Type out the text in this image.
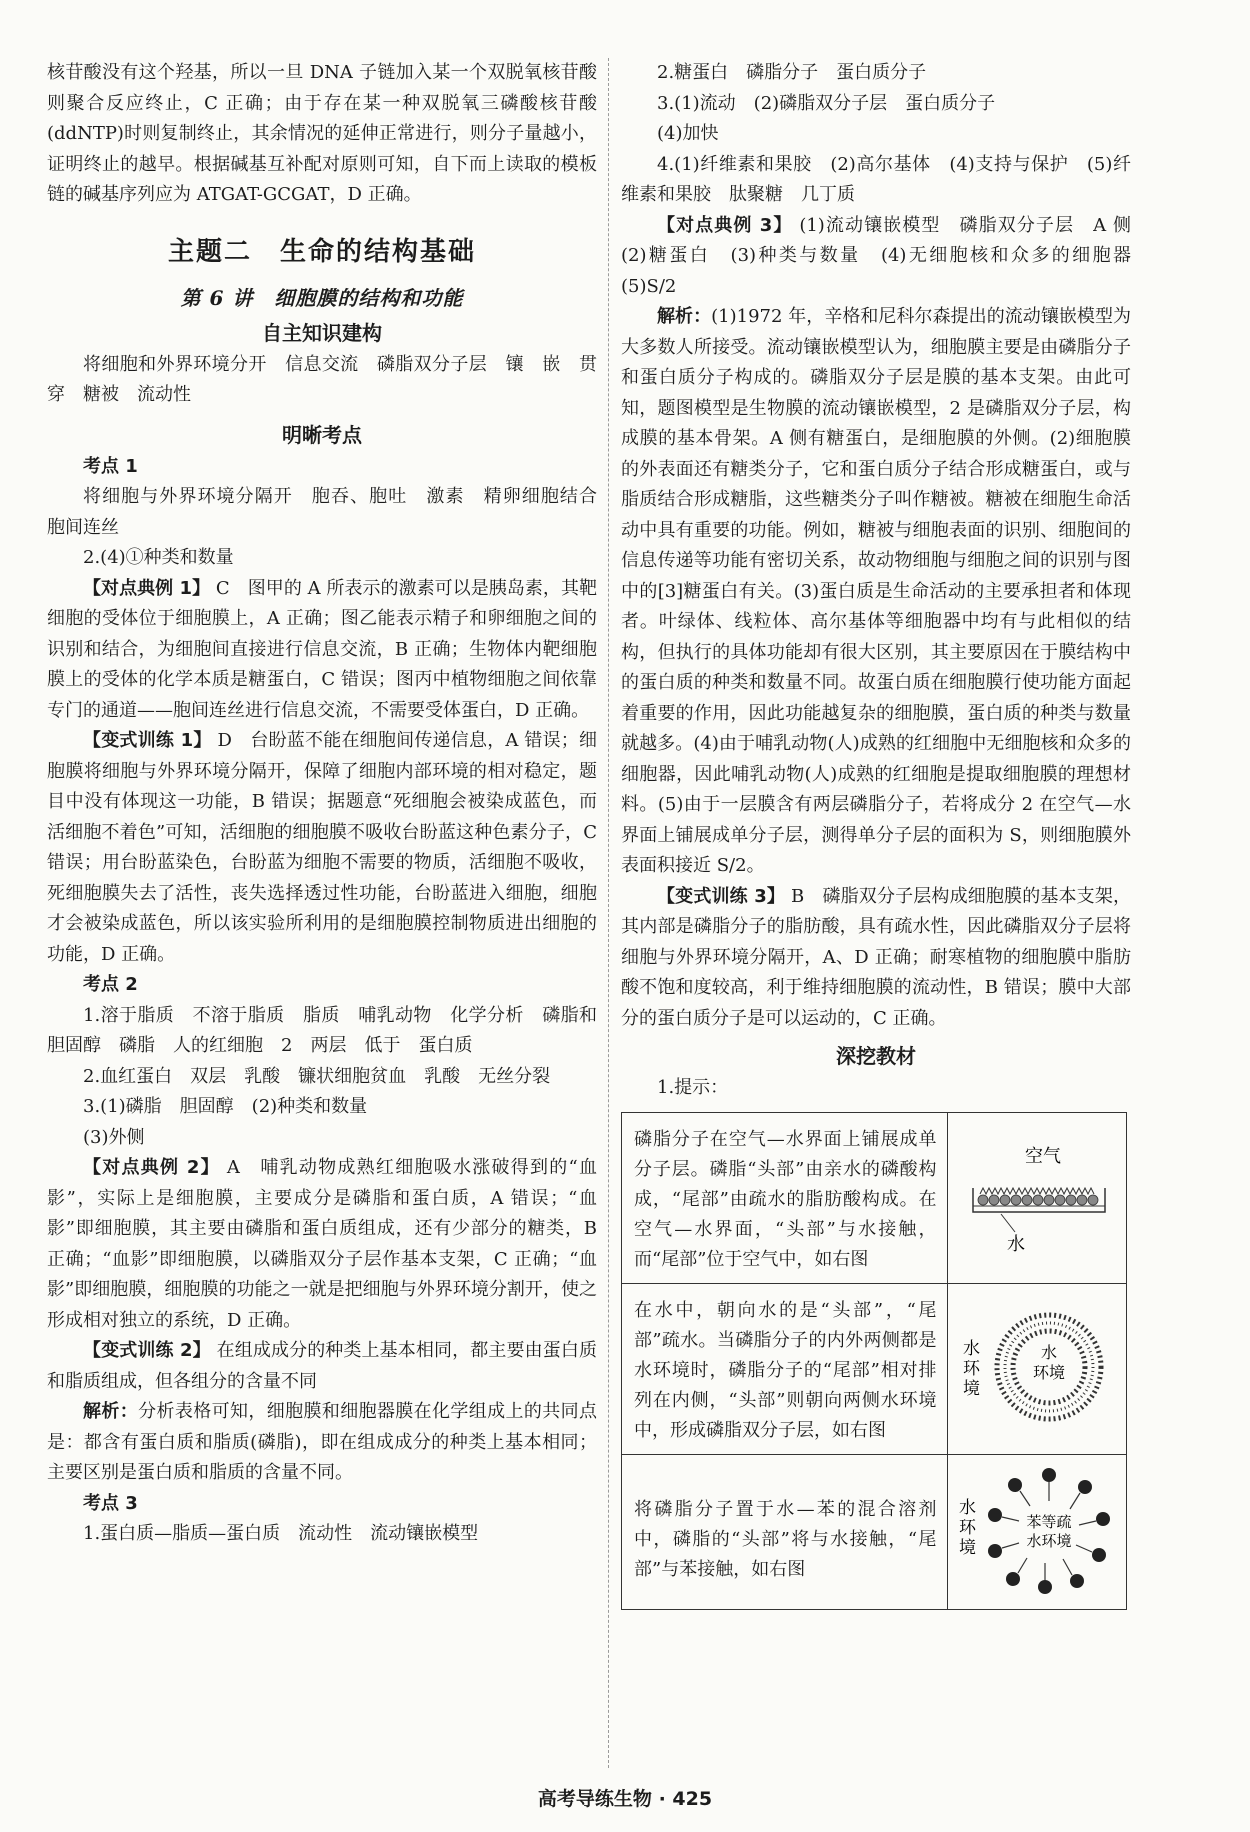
核苷酸没有这个羟基，所以一旦 DNA 子链加入某一个双脱氧核苷酸则聚合反应终止，C 正确；由于存在某一种双脱氧三磷酸核苷酸(ddNTP)时则复制终止，其余情况的延伸正常进行，则分子量越小，证明终止的越早。根据碱基互补配对原则可知，自下而上读取的模板链的碱基序列应为 ATGAT-GCGAT，D 正确。

主题二　生命的结构基础
第 6 讲　细胞膜的结构和功能
自主知识建构

将细胞和外界环境分开　信息交流　磷脂双分子层　镶　嵌　贯穿　糖被　流动性

明晰考点

考点 1

将细胞与外界环境分隔开　胞吞、胞吐　激素　精卵细胞结合　胞间连丝

2.(4)①种类和数量

【对点典例 1】 C　图甲的 A 所表示的激素可以是胰岛素，其靶细胞的受体位于细胞膜上，A 正确；图乙能表示精子和卵细胞之间的识别和结合，为细胞间直接进行信息交流，B 正确；生物体内靶细胞膜上的受体的化学本质是糖蛋白，C 错误；图丙中植物细胞之间依靠专门的通道——胞间连丝进行信息交流，不需要受体蛋白，D 正确。

【变式训练 1】 D　台盼蓝不能在细胞间传递信息，A 错误；细胞膜将细胞与外界环境分隔开，保障了细胞内部环境的相对稳定，题目中没有体现这一功能，B 错误；据题意“死细胞会被染成蓝色，而活细胞不着色”可知，活细胞的细胞膜不吸收台盼蓝这种色素分子，C 错误；用台盼蓝染色，台盼蓝为细胞不需要的物质，活细胞不吸收，死细胞膜失去了活性，丧失选择透过性功能，台盼蓝进入细胞，细胞才会被染成蓝色，所以该实验所利用的是细胞膜控制物质进出细胞的功能，D 正确。

考点 2

1.溶于脂质　不溶于脂质　脂质　哺乳动物　化学分析　磷脂和胆固醇　磷脂　人的红细胞　2　两层　低于　蛋白质

2.血红蛋白　双层　乳酸　镰状细胞贫血　乳酸　无丝分裂

3.(1)磷脂　胆固醇　(2)种类和数量

(3)外侧

【对点典例 2】 A　哺乳动物成熟红细胞吸水涨破得到的“血影”，实际上是细胞膜，主要成分是磷脂和蛋白质，A 错误；“血影”即细胞膜，其主要由磷脂和蛋白质组成，还有少部分的糖类，B 正确；“血影”即细胞膜，以磷脂双分子层作基本支架，C 正确；“血影”即细胞膜，细胞膜的功能之一就是把细胞与外界环境分割开，使之形成相对独立的系统，D 正确。

【变式训练 2】 在组成成分的种类上基本相同，都主要由蛋白质和脂质组成，但各组分的含量不同

解析：分析表格可知，细胞膜和细胞器膜在化学组成上的共同点是：都含有蛋白质和脂质(磷脂)，即在组成成分的种类上基本相同；主要区别是蛋白质和脂质的含量不同。

考点 3

1.蛋白质—脂质—蛋白质　流动性　流动镶嵌模型

2.糖蛋白　磷脂分子　蛋白质分子

3.(1)流动　(2)磷脂双分子层　蛋白质分子

(4)加快

4.(1)纤维素和果胶　(2)高尔基体　(4)支持与保护　(5)纤维素和果胶　肽聚糖　几丁质

【对点典例 3】 (1)流动镶嵌模型　磷脂双分子层　A 侧　(2)糖蛋白　(3)种类与数量　(4)无细胞核和众多的细胞器　(5)S/2

解析：(1)1972 年，辛格和尼科尔森提出的流动镶嵌模型为大多数人所接受。流动镶嵌模型认为，细胞膜主要是由磷脂分子和蛋白质分子构成的。磷脂双分子层是膜的基本支架。由此可知，题图模型是生物膜的流动镶嵌模型，2 是磷脂双分子层，构成膜的基本骨架。A 侧有糖蛋白，是细胞膜的外侧。(2)细胞膜的外表面还有糖类分子，它和蛋白质分子结合形成糖蛋白，或与脂质结合形成糖脂，这些糖类分子叫作糖被。糖被在细胞生命活动中具有重要的功能。例如，糖被与细胞表面的识别、细胞间的信息传递等功能有密切关系，故动物细胞与细胞之间的识别与图中的[3]糖蛋白有关。(3)蛋白质是生命活动的主要承担者和体现者。叶绿体、线粒体、高尔基体等细胞器中均有与此相似的结构，但执行的具体功能却有很大区别，其主要原因在于膜结构中的蛋白质的种类和数量不同。故蛋白质在细胞膜行使功能方面起着重要的作用，因此功能越复杂的细胞膜，蛋白质的种类与数量就越多。(4)由于哺乳动物(人)成熟的红细胞中无细胞核和众多的细胞器，因此哺乳动物(人)成熟的红细胞是提取细胞膜的理想材料。(5)由于一层膜含有两层磷脂分子，若将成分 2 在空气—水界面上铺展成单分子层，测得单分子层的面积为 S，则细胞膜外表面积接近 S/2。

【变式训练 3】 B　磷脂双分子层构成细胞膜的基本支架，其内部是磷脂分子的脂肪酸，具有疏水性，因此磷脂双分子层将细胞与外界环境分隔开，A、D 正确；耐寒植物的细胞膜中脂肪酸不饱和度较高，利于维持细胞膜的流动性，B 错误；膜中大部分的蛋白质分子是可以运动的，C 正确。

深挖教材

1.提示：

磷脂分子在空气—水界面上铺展成单分子层。磷脂“头部”由亲水的磷酸构成，“尾部”由疏水的脂肪酸构成。在空气—水界面，“头部”与水接触，而“尾部”位于空气中，如右图	空气
水

在水中，朝向水的是“头部”，“尾部”疏水。当磷脂分子的内外两侧都是水环境时，磷脂分子的“尾部”相对排列在内侧，“头部”则朝向两侧水环境中，形成磷脂双分子层，如右图	水环境
水环境

将磷脂分子置于水—苯的混合溶剂中，磷脂的“头部”将与水接触，“尾部”与苯接触，如右图	苯等疏水环境
水环境
高考导练生物 · 425
